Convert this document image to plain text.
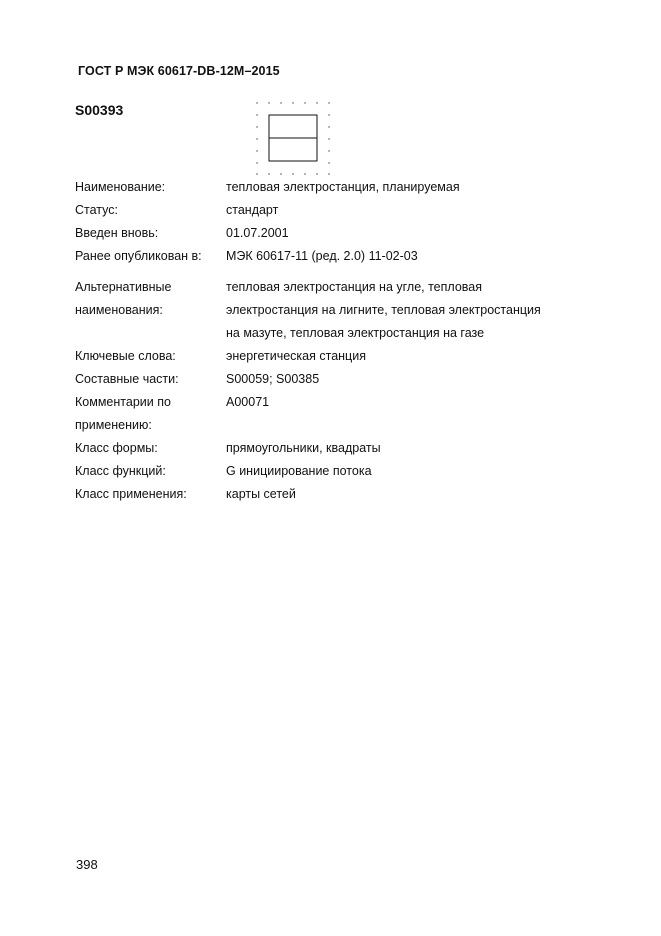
ГОСТ Р МЭК 60617-DB-12M–2015
S00393
Наименование:	тепловая электростанция, планируемая
Статус:	стандарт
Введен вновь:	01.07.2001
Ранее опубликован в:	МЭК 60617-11 (ред. 2.0) 11-02-03
Альтернативные
наименования:
тепловая электростанция на угле, тепловая
электростанция на лигните, тепловая электростанция
на мазуте, тепловая электростанция на газе
Ключевые слова:	энергетическая станция
Составные части:	S00059; S00385
Комментарии по
применению:
A00071
Класс формы:	прямоугольники, квадраты
Класс функций:	G инициирование потока
Класс применения:	карты сетей
398
